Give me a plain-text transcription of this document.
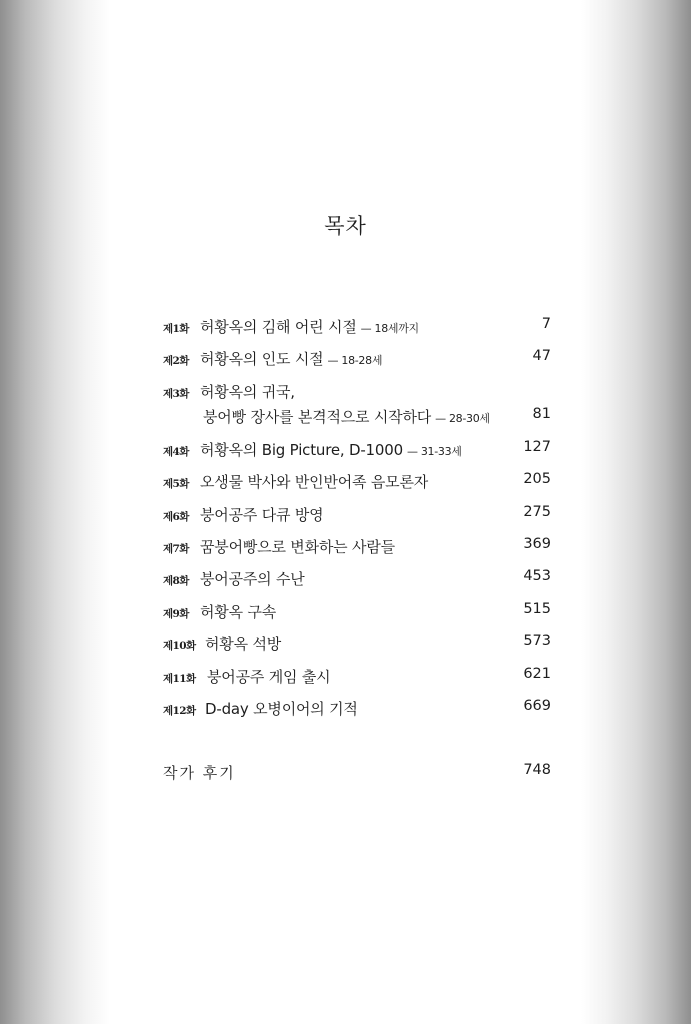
목차
제1화 허황옥의 김해 어린 시절 — 18세까지	7
제2화 허황옥의 인도 시절 — 18-28세	47
제3화 허황옥의 귀국,
붕어빵 장사를 본격적으로 시작하다 — 28-30세	81
제4화 허황옥의 Big Picture, D-1000 — 31-33세	127
제5화 오생물 박사와 반인반어족 음모론자	205
제6화 붕어공주 다큐 방영	275
제7화 꿈붕어빵으로 변화하는 사람들	369
제8화 붕어공주의 수난	453
제9화 허황옥 구속	515
제10화 허황옥 석방	573
제11화 붕어공주 게임 출시	621
제12화 D-day 오병이어의 기적	669
작가 후기	748
